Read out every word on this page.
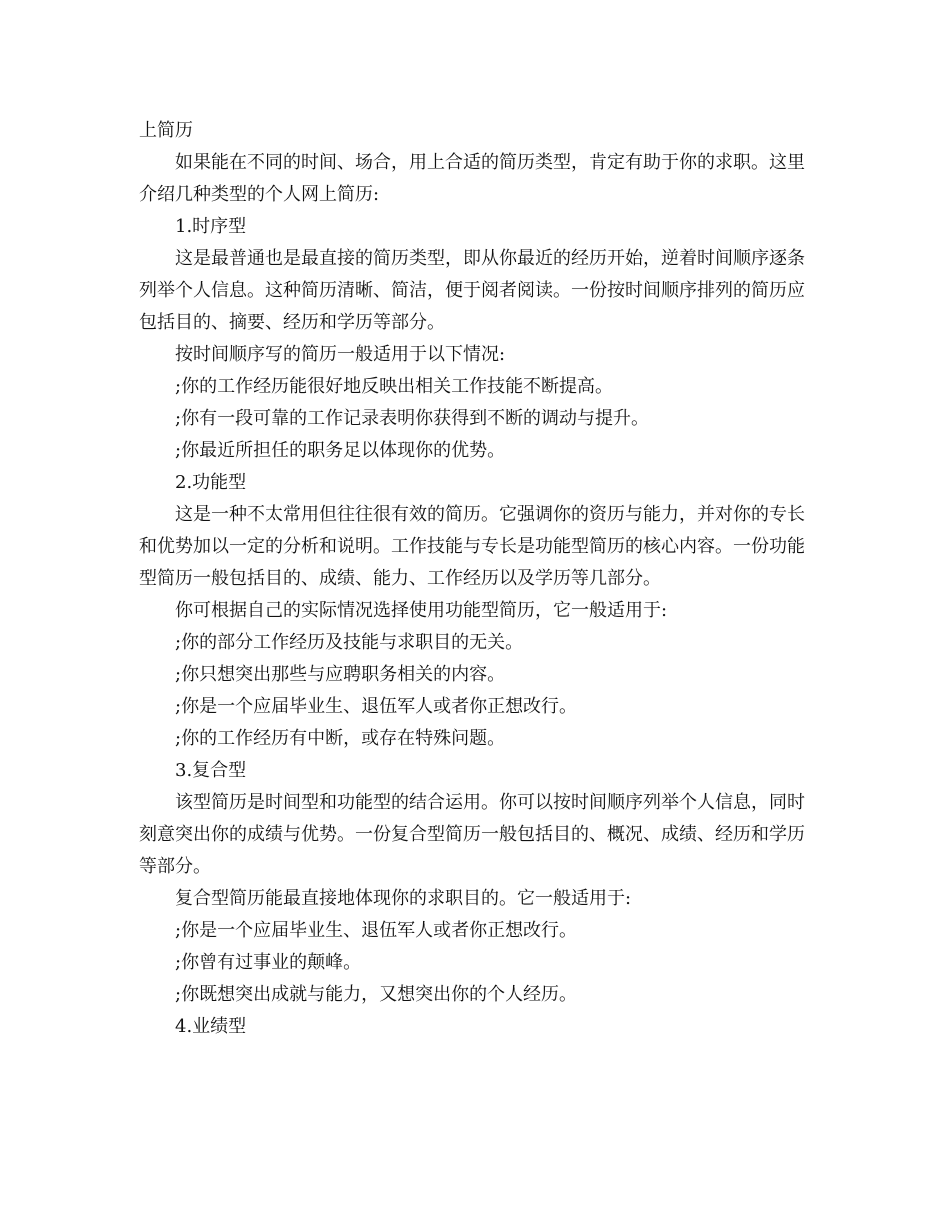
上简历

如果能在不同的时间、场合，用上合适的简历类型，肯定有助于你的求职。这里介绍几种类型的个人网上简历:

1.时序型

这是最普通也是最直接的简历类型，即从你最近的经历开始，逆着时间顺序逐条列举个人信息。这种简历清晰、简洁，便于阅者阅读。一份按时间顺序排列的简历应包括目的、摘要、经历和学历等部分。

按时间顺序写的简历一般适用于以下情况:

;你的工作经历能很好地反映出相关工作技能不断提高。

;你有一段可靠的工作记录表明你获得到不断的调动与提升。

;你最近所担任的职务足以体现你的优势。

2.功能型

这是一种不太常用但往往很有效的简历。它强调你的资历与能力，并对你的专长和优势加以一定的分析和说明。工作技能与专长是功能型简历的核心内容。一份功能型简历一般包括目的、成绩、能力、工作经历以及学历等几部分。

你可根据自己的实际情况选择使用功能型简历，它一般适用于:

;你的部分工作经历及技能与求职目的无关。

;你只想突出那些与应聘职务相关的内容。

;你是一个应届毕业生、退伍军人或者你正想改行。

;你的工作经历有中断，或存在特殊问题。

3.复合型

该型简历是时间型和功能型的结合运用。你可以按时间顺序列举个人信息，同时刻意突出你的成绩与优势。一份复合型简历一般包括目的、概况、成绩、经历和学历等部分。

复合型简历能最直接地体现你的求职目的。它一般适用于:

;你是一个应届毕业生、退伍军人或者你正想改行。

;你曾有过事业的颠峰。

;你既想突出成就与能力，又想突出你的个人经历。

4.业绩型
